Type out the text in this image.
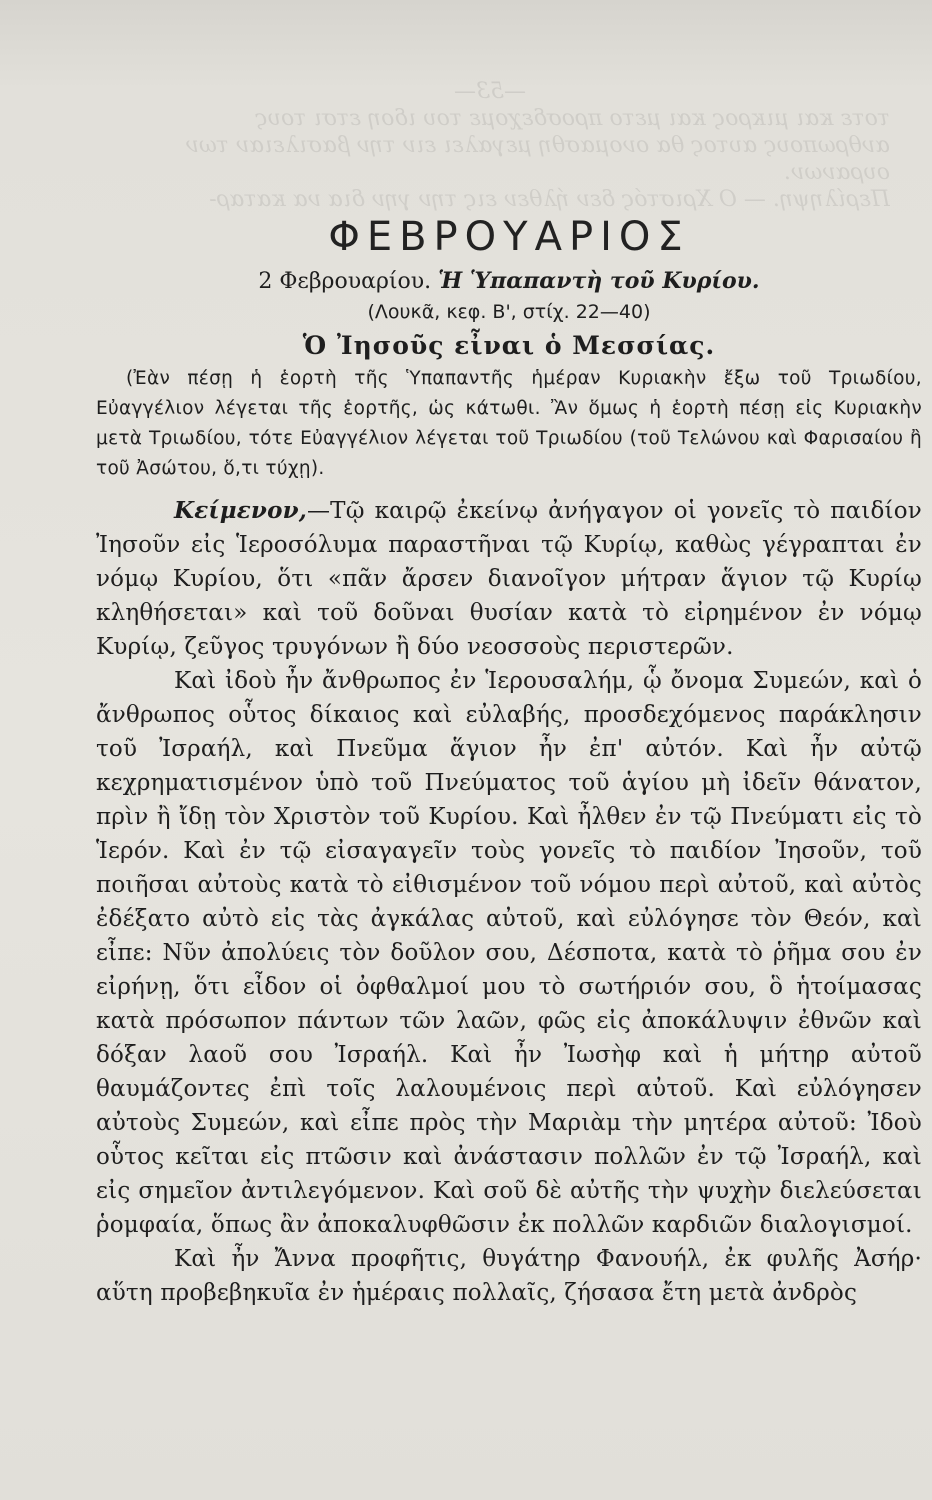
—53—
τοτε και μικρος και μετο προσδεχομε του ιδοη ετσι τους
ανθρωπους αυτος θα ονομασθη μεγαλει ειν την βασιλειαν των
ουρανων.
Περίληψη. — Ο Χριστός δεν ήλθεν εις την γην δια να καταρ-
ΦΕΒΡΟΥΑΡΙΟΣ

2 Φεβρουαρίου. Ἡ Ὑπαπαντὴ τοῦ Κυρίου.

(Λουκᾶ, κεφ. Β', στίχ. 22—40)

Ὁ Ἰησοῦς εἶναι ὁ Μεσσίας.

(Ἐὰν πέσῃ ἡ ἑορτὴ τῆς Ὑπαπαντῆς ἡμέραν Κυριακὴν ἔξω τοῦ Τριωδίου, Εὐαγγέλιον λέγεται τῆς ἑορτῆς, ὡς κάτωθι. Ἂν ὅμως ἡ ἑορτὴ πέσῃ εἰς Κυριακὴν μετὰ Τριωδίου, τότε Εὐαγγέλιον λέγεται τοῦ Τριωδίου (τοῦ Τελώνου καὶ Φαρισαίου ἢ τοῦ Ἀσώτου, ὅ,τι τύχῃ).

Κείμενον,—Τῷ καιρῷ ἐκείνῳ ἀνήγαγον οἱ γονεῖς τὸ παιδίον Ἰησοῦν εἰς Ἱεροσόλυμα παραστῆναι τῷ Κυρίῳ, καθὼς γέγραπται ἐν νόμῳ Κυρίου, ὅτι «πᾶν ἄρσεν διανοῖγον μήτραν ἅγιον τῷ Κυρίῳ κληθήσεται» καὶ τοῦ δοῦναι θυσίαν κατὰ τὸ εἰρημένον ἐν νόμῳ Κυρίῳ, ζεῦγος τρυγόνων ἢ δύο νεοσσοὺς περιστερῶν.

Καὶ ἰδοὺ ἦν ἄνθρωπος ἐν Ἱερουσαλήμ, ᾧ ὄνομα Συμεών, καὶ ὁ ἄνθρωπος οὗτος δίκαιος καὶ εὐλαβής, προσδεχόμενος παράκλησιν τοῦ Ἰσραήλ, καὶ Πνεῦμα ἅγιον ἦν ἐπ' αὐτόν. Καὶ ἦν αὐτῷ κεχρηματισμένον ὑπὸ τοῦ Πνεύματος τοῦ ἁγίου μὴ ἰδεῖν θάνατον, πρὶν ἢ ἴδῃ τὸν Χριστὸν τοῦ Κυρίου. Καὶ ἦλθεν ἐν τῷ Πνεύματι εἰς τὸ Ἱερόν. Καὶ ἐν τῷ εἰσαγαγεῖν τοὺς γονεῖς τὸ παιδίον Ἰησοῦν, τοῦ ποιῆσαι αὐτοὺς κατὰ τὸ εἰθισμένον τοῦ νόμου περὶ αὐτοῦ, καὶ αὐτὸς ἐδέξατο αὐτὸ εἰς τὰς ἀγκάλας αὐτοῦ, καὶ εὐλόγησε τὸν Θεόν, καὶ εἶπε: Νῦν ἀπολύεις τὸν δοῦλον σου, Δέσποτα, κατὰ τὸ ῥῆμα σου ἐν εἰρήνῃ, ὅτι εἶδον οἱ ὀφθαλμοί μου τὸ σωτήριόν σου, ὃ ἡτοίμασας κατὰ πρόσωπον πάντων τῶν λαῶν, φῶς εἰς ἀποκάλυψιν ἐθνῶν καὶ δόξαν λαοῦ σου Ἰσραήλ. Καὶ ἦν Ἰωσὴφ καὶ ἡ μήτηρ αὐτοῦ θαυμάζοντες ἐπὶ τοῖς λαλουμένοις περὶ αὐτοῦ. Καὶ εὐλόγησεν αὐτοὺς Συμεών, καὶ εἶπε πρὸς τὴν Μαριὰμ τὴν μητέρα αὐτοῦ: Ἰδοὺ οὗτος κεῖται εἰς πτῶσιν καὶ ἀνάστασιν πολλῶν ἐν τῷ Ἰσραήλ, καὶ εἰς σημεῖον ἀντιλεγόμενον. Καὶ σοῦ δὲ αὐτῆς τὴν ψυχὴν διελεύσεται ῥομφαία, ὅπως ἂν ἀποκαλυφθῶσιν ἐκ πολλῶν καρδιῶν διαλογισμοί.

Καὶ ἦν Ἄννα προφῆτις, θυγάτηρ Φανουήλ, ἐκ φυλῆς Ἀσήρ· αὕτη προβεβηκυῖα ἐν ἡμέραις πολλαῖς, ζήσασα ἔτη μετὰ ἀνδρὸς
